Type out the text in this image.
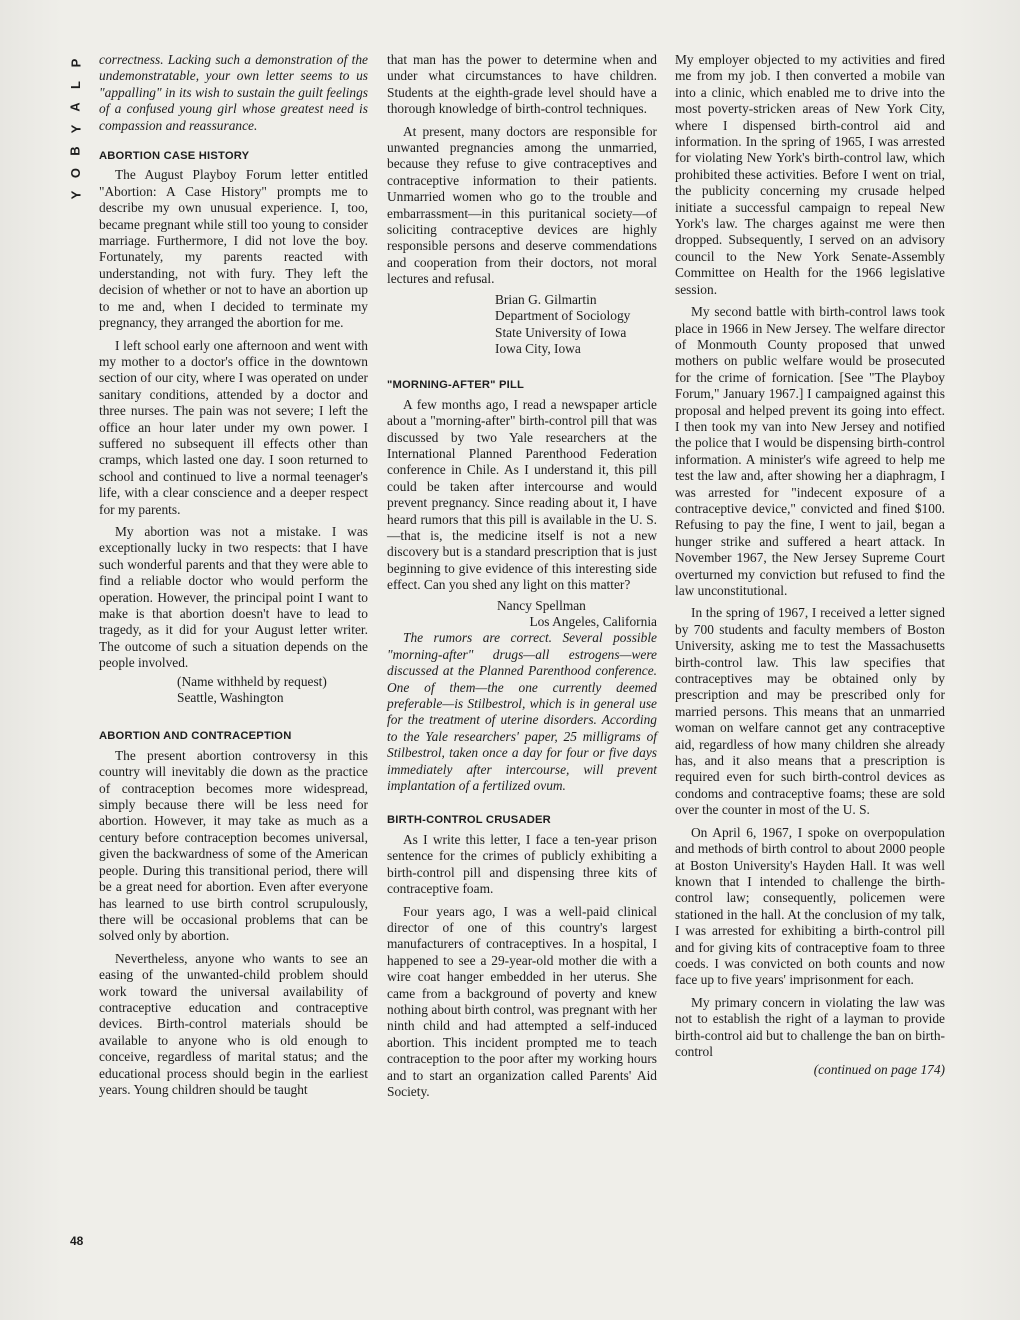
P
L
A
Y
B
O
Y
48

correctness. Lacking such a demonstration of the undemonstratable, your own letter seems to us "appalling" in its wish to sustain the guilt feelings of a confused young girl whose greatest need is compassion and reassurance.

ABORTION CASE HISTORY

The August Playboy Forum letter entitled "Abortion: A Case History" prompts me to describe my own unusual experience. I, too, became pregnant while still too young to consider marriage. Furthermore, I did not love the boy. Fortunately, my parents reacted with understanding, not with fury. They left the decision of whether or not to have an abortion up to me and, when I decided to terminate my pregnancy, they arranged the abortion for me.

I left school early one afternoon and went with my mother to a doctor's office in the downtown section of our city, where I was operated on under sanitary conditions, attended by a doctor and three nurses. The pain was not severe; I left the office an hour later under my own power. I suffered no subsequent ill effects other than cramps, which lasted one day. I soon returned to school and continued to live a normal teenager's life, with a clear conscience and a deeper respect for my parents.

My abortion was not a mistake. I was exceptionally lucky in two respects: that I have such wonderful parents and that they were able to find a reliable doctor who would perform the operation. However, the principal point I want to make is that abortion doesn't have to lead to tragedy, as it did for your August letter writer. The outcome of such a situation depends on the people involved.

(Name withheld by request)
Seattle, Washington
ABORTION AND CONTRACEPTION

The present abortion controversy in this country will inevitably die down as the practice of contraception becomes more widespread, simply because there will be less need for abortion. However, it may take as much as a century before contraception becomes universal, given the backwardness of some of the American people. During this transitional period, there will be a great need for abortion. Even after everyone has learned to use birth control scrupulously, there will be occasional problems that can be solved only by abortion.

Nevertheless, anyone who wants to see an easing of the unwanted-child problem should work toward the universal availability of contraceptive education and contraceptive devices. Birth-control materials should be available to anyone who is old enough to conceive, regardless of marital status; and the educational process should begin in the earliest years. Young children should be taught

that man has the power to determine when and under what circumstances to have children. Students at the eighth-grade level should have a thorough knowledge of birth-control techniques.

At present, many doctors are responsible for unwanted pregnancies among the unmarried, because they refuse to give contraceptives and contraceptive information to their patients. Unmarried women who go to the trouble and embarrassment—in this puritanical society—of soliciting contraceptive devices are highly responsible persons and deserve commendations and cooperation from their doctors, not moral lectures and refusal.

Brian G. Gilmartin
Department of Sociology
State University of Iowa
Iowa City, Iowa
"MORNING-AFTER" PILL

A few months ago, I read a newspaper article about a "morning-after" birth-control pill that was discussed by two Yale researchers at the International Planned Parenthood Federation conference in Chile. As I understand it, this pill could be taken after intercourse and would prevent pregnancy. Since reading about it, I have heard rumors that this pill is available in the U. S.—that is, the medicine itself is not a new discovery but is a standard prescription that is just beginning to give evidence of this interesting side effect. Can you shed any light on this matter?

Nancy Spellman
Los Angeles, California

The rumors are correct. Several possible "morning-after" drugs—all estrogens—were discussed at the Planned Parenthood conference. One of them—the one currently deemed preferable—is Stilbestrol, which is in general use for the treatment of uterine disorders. According to the Yale researchers' paper, 25 milligrams of Stilbestrol, taken once a day for four or five days immediately after intercourse, will prevent implantation of a fertilized ovum.

BIRTH-CONTROL CRUSADER

As I write this letter, I face a ten-year prison sentence for the crimes of publicly exhibiting a birth-control pill and dispensing three kits of contraceptive foam.

Four years ago, I was a well-paid clinical director of one of this country's largest manufacturers of contraceptives. In a hospital, I happened to see a 29-year-old mother die with a wire coat hanger embedded in her uterus. She came from a background of poverty and knew nothing about birth control, was pregnant with her ninth child and had attempted a self-induced abortion. This incident prompted me to teach contraception to the poor after my working hours and to start an organization called Parents' Aid Society.

My employer objected to my activities and fired me from my job. I then converted a mobile van into a clinic, which enabled me to drive into the most poverty-stricken areas of New York City, where I dispensed birth-control aid and information. In the spring of 1965, I was arrested for violating New York's birth-control law, which prohibited these activities. Before I went on trial, the publicity concerning my crusade helped initiate a successful campaign to repeal New York's law. The charges against me were then dropped. Subsequently, I served on an advisory council to the New York Senate-Assembly Committee on Health for the 1966 legislative session.

My second battle with birth-control laws took place in 1966 in New Jersey. The welfare director of Monmouth County proposed that unwed mothers on public welfare would be prosecuted for the crime of fornication. [See "The Playboy Forum," January 1967.] I campaigned against this proposal and helped prevent its going into effect. I then took my van into New Jersey and notified the police that I would be dispensing birth-control information. A minister's wife agreed to help me test the law and, after showing her a diaphragm, I was arrested for "indecent exposure of a contraceptive device," convicted and fined $100. Refusing to pay the fine, I went to jail, began a hunger strike and suffered a heart attack. In November 1967, the New Jersey Supreme Court overturned my conviction but refused to find the law unconstitutional.

In the spring of 1967, I received a letter signed by 700 students and faculty members of Boston University, asking me to test the Massachusetts birth-control law. This law specifies that contraceptives may be obtained only by prescription and may be prescribed only for married persons. This means that an unmarried woman on welfare cannot get any contraceptive aid, regardless of how many children she already has, and it also means that a prescription is required even for such birth-control devices as condoms and contraceptive foams; these are sold over the counter in most of the U. S.

On April 6, 1967, I spoke on overpopulation and methods of birth control to about 2000 people at Boston University's Hayden Hall. It was well known that I intended to challenge the birth-control law; consequently, policemen were stationed in the hall. At the conclusion of my talk, I was arrested for exhibiting a birth-control pill and for giving kits of contraceptive foam to three coeds. I was convicted on both counts and now face up to five years' imprisonment for each.

My primary concern in violating the law was not to establish the right of a layman to provide birth-control aid but to challenge the ban on birth-control

(continued on page 174)
